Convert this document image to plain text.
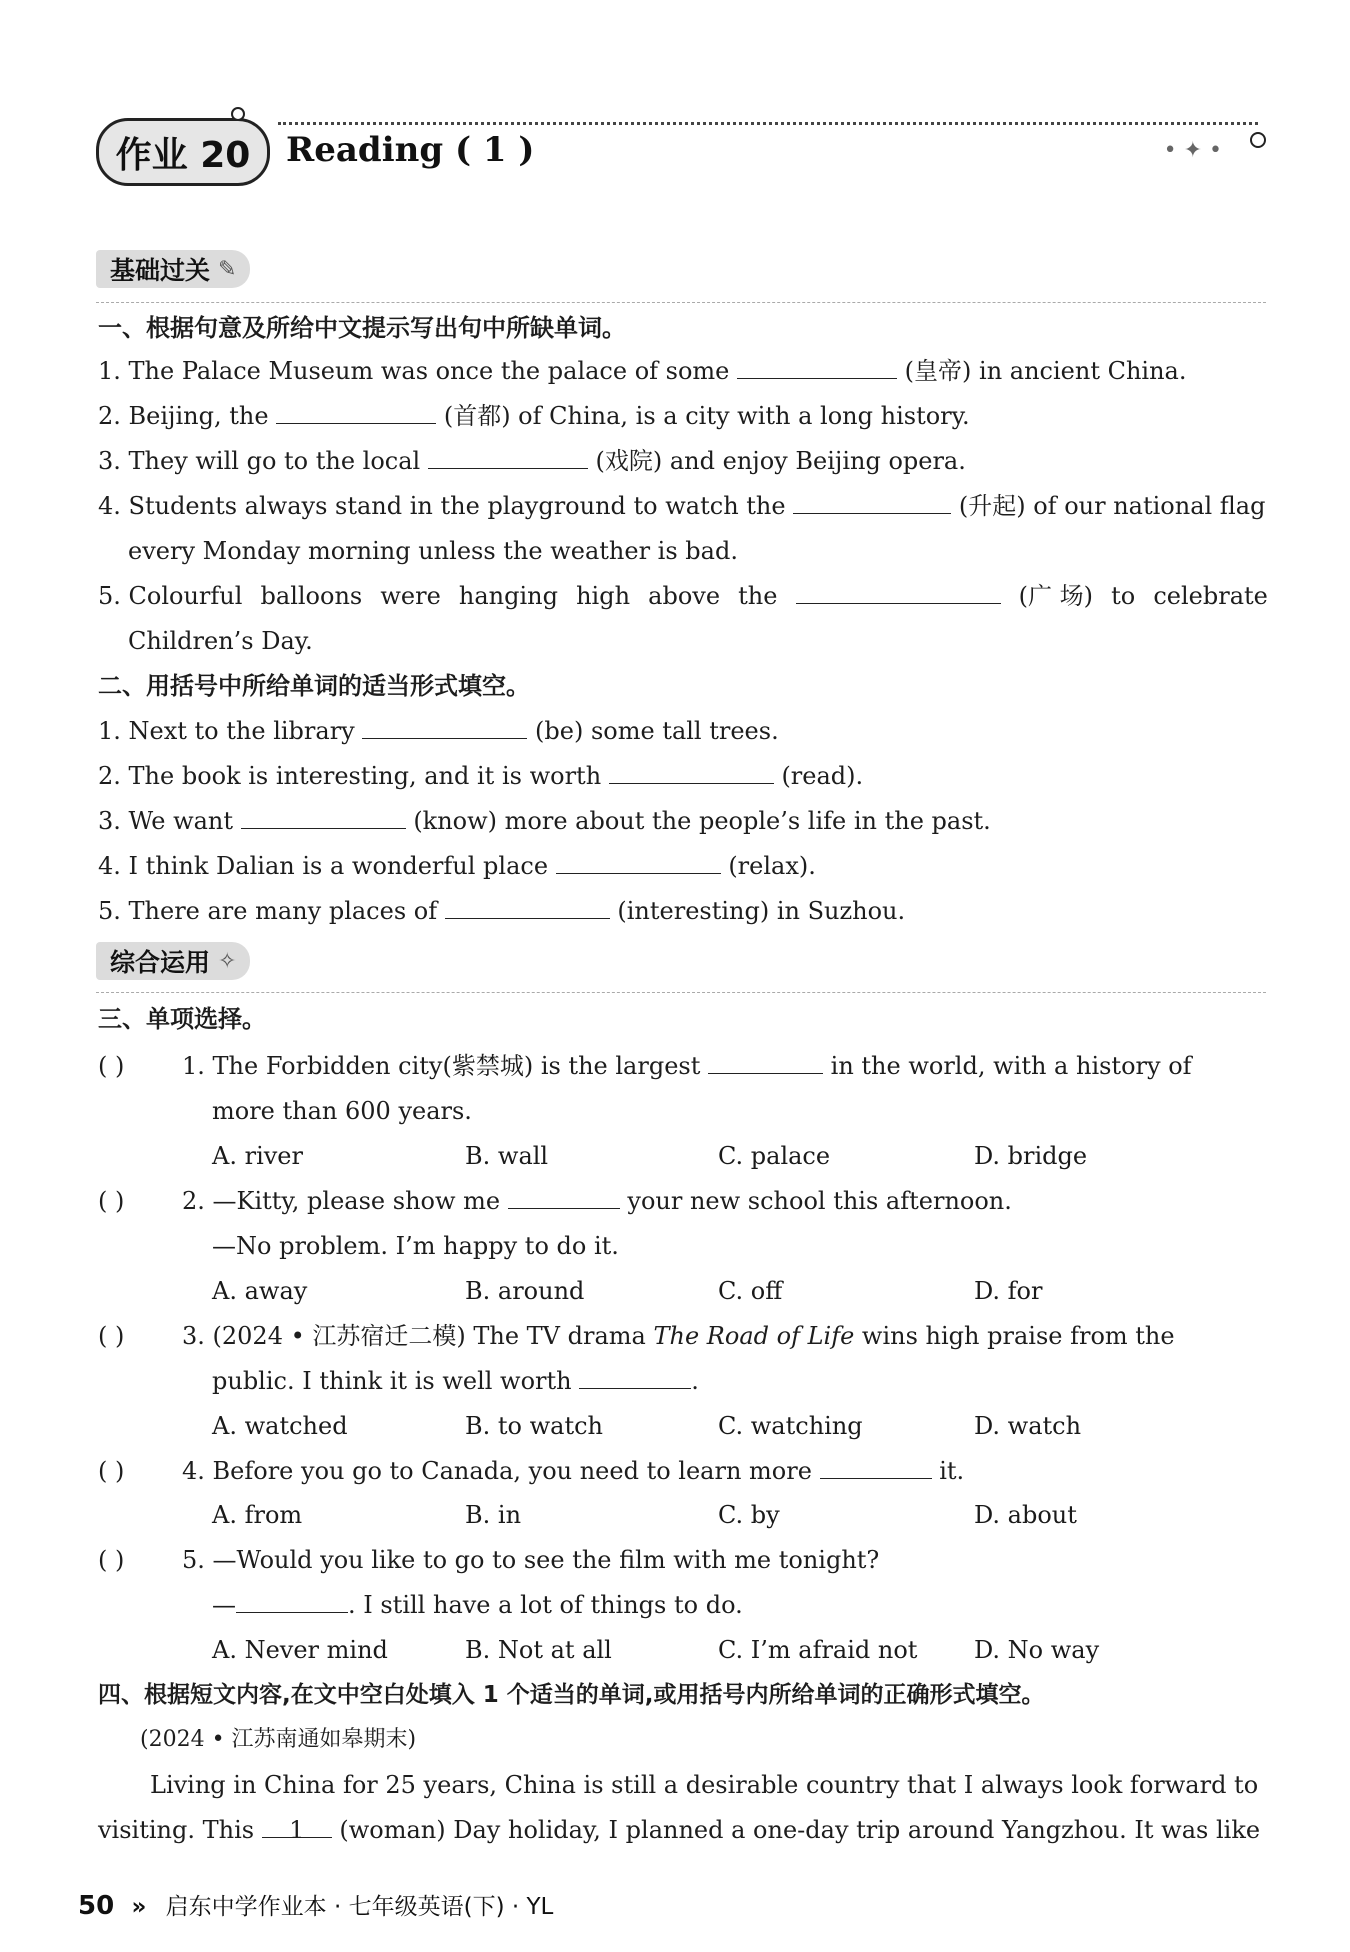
作业 20	Reading ( 1 )	• ✦ •
基础过关 ✎
一、根据句意及所给中文提示写出句中所缺单词。
1. The Palace Museum was once the palace of some	(皇帝) in ancient China.
2. Beijing, the	(首都) of China, is a city with a long history.
3. They will go to the local	(戏院) and enjoy Beijing opera.
4. Students always stand in the playground to watch the	(升起) of our national flag
every Monday morning unless the weather is bad.
5. Colourful balloons were hanging high above the	(广 场) to celebrate
Children’s Day.
二、用括号中所给单词的适当形式填空。
1. Next to the library	(be) some tall trees.
2. The book is interesting, and it is worth	(read).
3. We want	(know) more about the people’s life in the past.
4. I think Dalian is a wonderful place	(relax).
5. There are many places of	(interesting) in Suzhou.
综合运用 ✧
三、单项选择。
( ) 1. The Forbidden city(紫禁城) is the largest	in the world, with a history of
more than 600 years.
A. river	B. wall	C. palace	D. bridge
( ) 2. —Kitty, please show me	your new school this afternoon.
—No problem. I’m happy to do it.
A. away	B. around	C. off	D. for
( ) 3. (2024 • 江苏宿迁二模) The TV drama The Road of Life wins high praise from the
public. I think it is well worth	.
A. watched	B. to watch	C. watching	D. watch
( ) 4. Before you go to Canada, you need to learn more	it.
A. from	B. in	C. by	D. about
( ) 5. —Would you like to go to see the film with me tonight?
—	. I still have a lot of things to do.
A. Never mind	B. Not at all	C. I’m afraid not D. No way
四、根据短文内容,在文中空白处填入 1 个适当的单词,或用括号内所给单词的正确形式填空。
(2024 • 江苏南通如皋期末)
Living in China for 25 years, China is still a desirable country that I always look forward to
visiting. This 1 (woman) Day holiday, I planned a one-day trip around Yangzhou. It was like
50 » 启东中学作业本 · 七年级英语(下) · YL
